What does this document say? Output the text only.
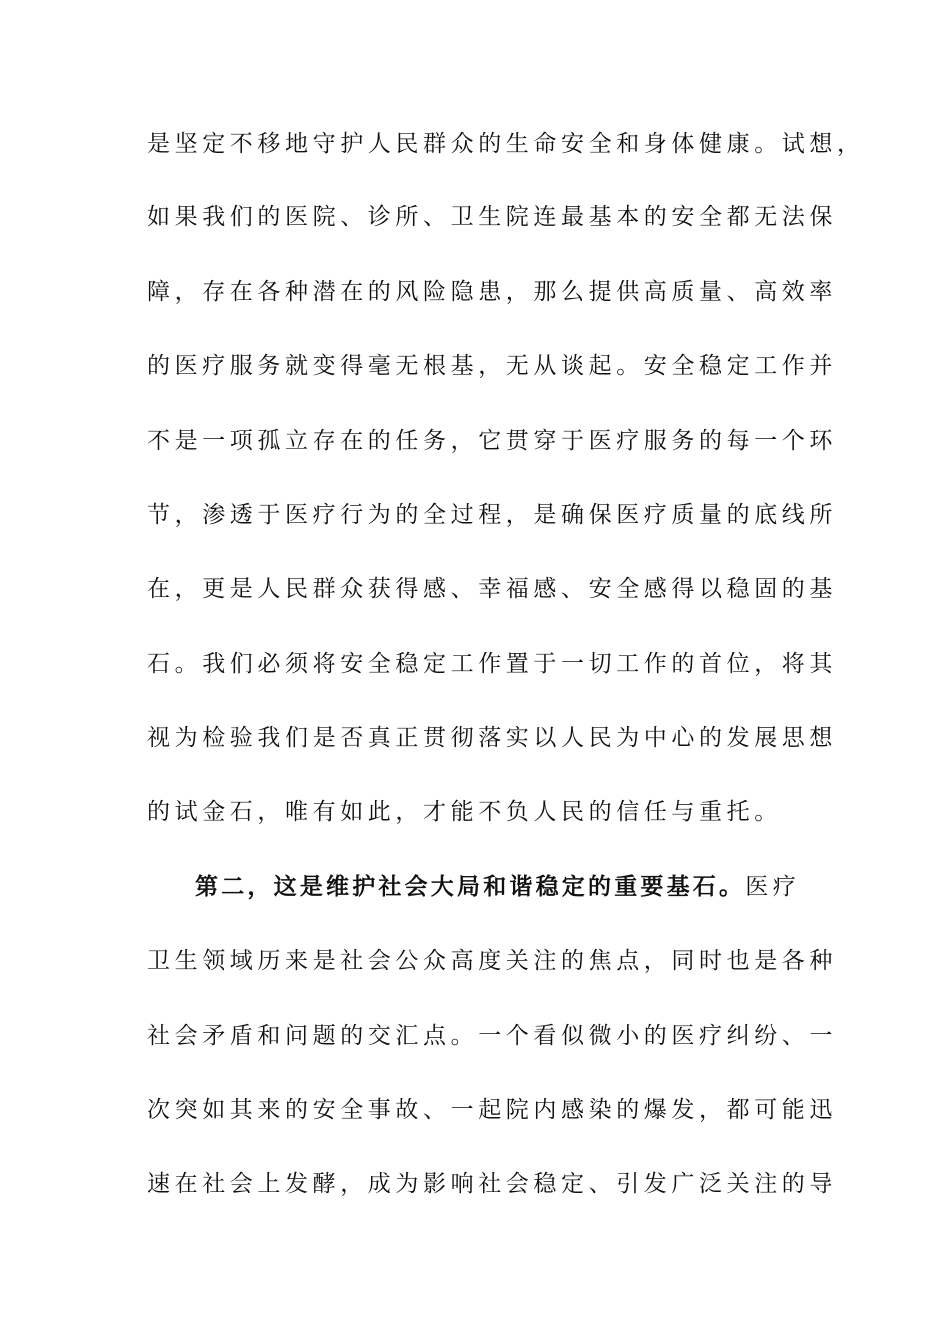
是坚定不移地守护人民群众的生命安全和身体健康。试想，
如果我们的医院、诊所、卫生院连最基本的安全都无法保
障，存在各种潜在的风险隐患，那么提供高质量、高效率
的医疗服务就变得毫无根基，无从谈起。安全稳定工作并
不是一项孤立存在的任务，它贯穿于医疗服务的每一个环
节，渗透于医疗行为的全过程，是确保医疗质量的底线所
在，更是人民群众获得感、幸福感、安全感得以稳固的基
石。我们必须将安全稳定工作置于一切工作的首位，将其
视为检验我们是否真正贯彻落实以人民为中心的发展思想
的试金石，唯有如此，才能不负人民的信任与重托。
第二，这是维护社会大局和谐稳定的重要基石。医疗
卫生领域历来是社会公众高度关注的焦点，同时也是各种
社会矛盾和问题的交汇点。一个看似微小的医疗纠纷、一
次突如其来的安全事故、一起院内感染的爆发，都可能迅
速在社会上发酵，成为影响社会稳定、引发广泛关注的导
